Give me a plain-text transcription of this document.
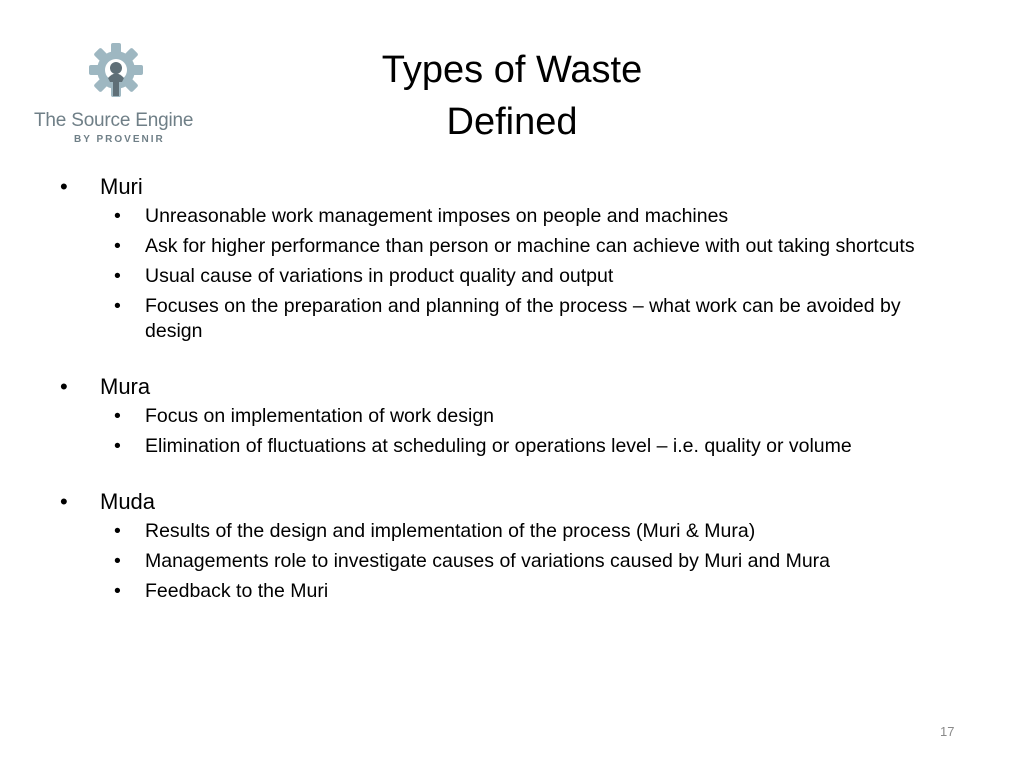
The Source Engine
BY PROVENIR
Types of Waste
Defined
• Muri
• Unreasonable work management imposes on people and machines
• Ask for higher performance than person or machine can achieve with out taking shortcuts
• Usual cause of variations in product quality and output
• Focuses on the preparation and planning of the process – what work can be avoided by design
• Mura
• Focus on implementation of work design
• Elimination of fluctuations at scheduling or operations level – i.e. quality or volume
• Muda
• Results of the design and implementation of the process (Muri & Mura)
• Managements role to investigate causes of variations caused by Muri and Mura
• Feedback to the Muri
17
